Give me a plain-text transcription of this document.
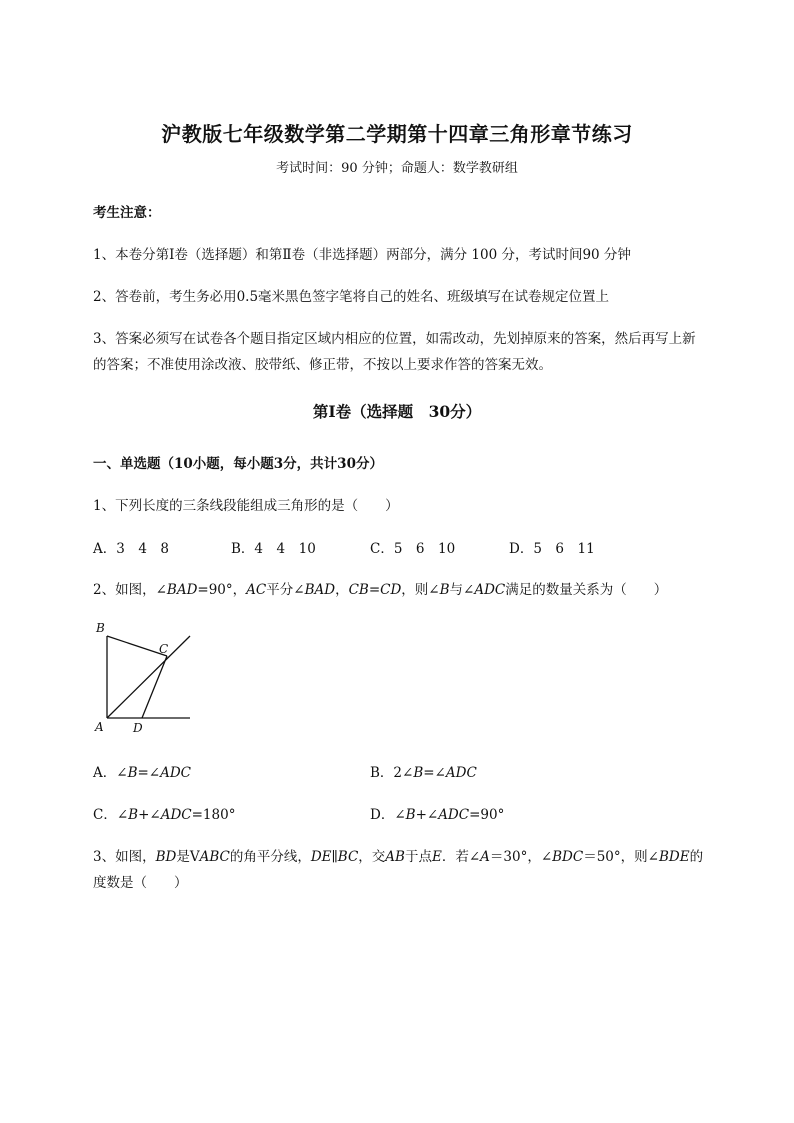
沪教版七年级数学第二学期第十四章三角形章节练习
考试时间：90 分钟；命题人：数学教研组
考生注意：
1、本卷分第Ⅰ卷（选择题）和第Ⅱ卷（非选择题）两部分，满分 100 分，考试时间90 分钟
2、答卷前，考生务必用0.5毫米黑色签字笔将自己的姓名、班级填写在试卷规定位置上
3、答案必须写在试卷各个题目指定区域内相应的位置，如需改动，先划掉原来的答案，然后再写上新
的答案；不准使用涂改液、胶带纸、修正带，不按以上要求作答的答案无效。
第Ⅰ卷（选择题　30分）
一、单选题（10小题，每小题3分，共计30分）
1、下列长度的三条线段能组成三角形的是（　　）
A．3　4　8	B．4　4　10	C．5　6　10	D．5　6　11
2、如图，∠BAD=90°，AC平分∠BAD，CB=CD，则∠B与∠ADC满足的数量关系为（　　）
B
C
A D
A．∠B=∠ADC	B．2∠B=∠ADC
C．∠B+∠ADC=180°	D．∠B+∠ADC=90°
3、如图，BD是VABC的角平分线，DE∥BC，交AB于点E．若∠A＝30°，∠BDC＝50°，则∠BDE的
度数是（　　）
